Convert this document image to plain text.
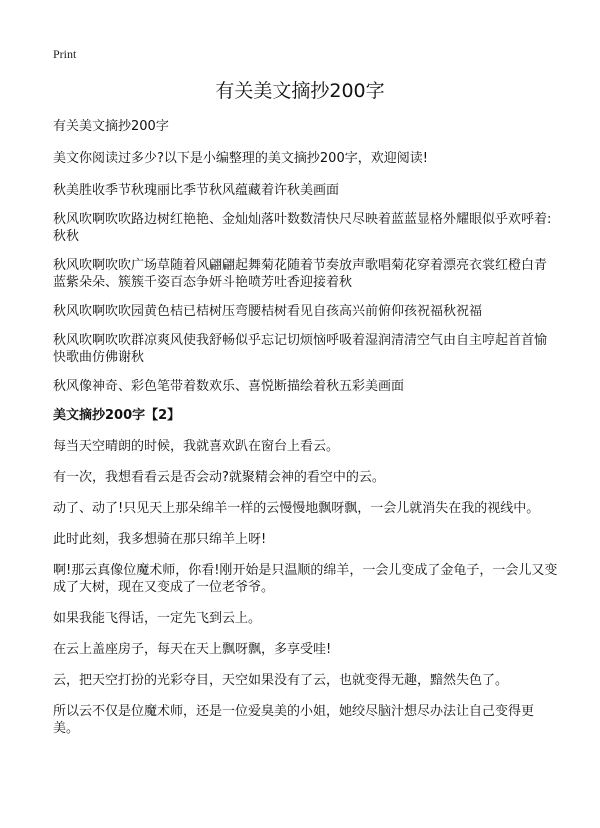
Print
有关美文摘抄200字

有关美文摘抄200字

美文你阅读过多少?以下是小编整理的美文摘抄200字，欢迎阅读!

秋美胜收季节秋瑰丽比季节秋风蕴藏着许秋美画面

秋风吹啊吹吹路边树红艳艳、金灿灿落叶数数清快尺尽映着蓝蓝显格外耀眼似乎欢呼着:秋秋

秋风吹啊吹吹广场草随着风翩翩起舞菊花随着节奏放声歌唱菊花穿着漂亮衣裳红橙白青蓝紫朵朵、簇簇千姿百态争妍斗艳喷芳吐香迎接着秋

秋风吹啊吹吹园黄色桔已桔树压弯腰桔树看见自孩高兴前俯仰孩祝福秋祝福

秋风吹啊吹吹群凉爽风使我舒畅似乎忘记切烦恼呼吸着湿润清清空气由自主哼起首首愉快歌曲仿佛谢秋

秋风像神奇、彩色笔带着数欢乐、喜悦断描绘着秋五彩美画面

美文摘抄200字【2】

每当天空晴朗的时候，我就喜欢趴在窗台上看云。

有一次，我想看看云是否会动?就聚精会神的看空中的云。

动了、动了!只见天上那朵绵羊一样的云慢慢地飘呀飘，一会儿就消失在我的视线中。

此时此刻，我多想骑在那只绵羊上呀!

啊!那云真像位魔术师，你看!刚开始是只温顺的绵羊，一会儿变成了金龟子，一会儿又变成了大树，现在又变成了一位老爷爷。

如果我能飞得话，一定先飞到云上。

在云上盖座房子，每天在天上飘呀飘，多享受哇!

云，把天空打扮的光彩夺目，天空如果没有了云，也就变得无趣，黯然失色了。

所以云不仅是位魔术师，还是一位爱臭美的小姐，她绞尽脑汁想尽办法让自己变得更美。
